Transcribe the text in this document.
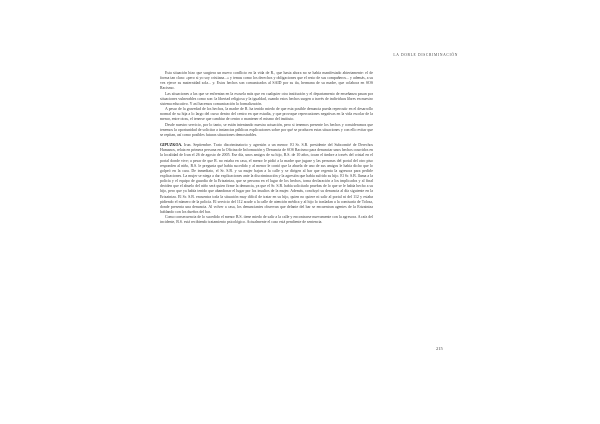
LA DOBLE DISCRIMINACIÓN

Esta situación hizo que surgiera un nuevo conflicto en la vida de R., que hasta ahora no se había manifestado abiertamente: el de forma tan clara: «pero si yo soy cristiana...» y temas como los derechos y obligaciones que el resto de sus compañeros... y además, a su vez ejerce su maternidad sola... y. Estos hechos son comunicados al SAID por su tía, hermana de su madre, que colabora en SOS Racismo.

Las situaciones a las que se enfrentan en la escuela más que en cualquier otra institución y el departamento de enseñanza pasan por situaciones vulnerables como son: la libertad religiosa y la igualdad, cuando estos hechos surgen a través de individuos libres en nuestro sistema educativo. Y así hacemos comunicación la formalización.

A pesar de la gravedad de los hechos, la madre de R. ha tenido miedo de que esta posible denuncia pueda repercutir en el desarrollo normal de su hija a lo largo del curso dentro del centro en que estudia, y que provoque repercusiones negativas en la vida escolar de la menor, entre otras, el tenerse que cambiar de centro o mantener el mismo del instituto.

Desde nuestro servicio, por lo tanto, se están intentando nuestra actuación, pero si tenemos presente los hechos y consideramos que tenemos la oportunidad de solicitar a instancias públicas explicaciones sobre por qué se producen estas situaciones y con ello evitar que se repitan, así como posibles futuras situaciones demostrables.

GIPUZKOA. Irun. Septiembre. Trato discriminatorio y agresión a un menor: El Sr. S.B. presidente del Subcomité de Derechos Humanos, relata en primera persona en la Oficina de Información y Denuncia de SOS Racismo para denunciar unos hechos ocurridos en la localidad de Irun el 26 de agosto de 2005. Ese día, unos amigos de su hijo, B.S. de 10 años, tocan el timbre a través del cristal en el portal donde vive; a pesar de que R. no estaba en casa, el menor le pidió a la madre que jugase y las personas del portal del otro piso responden al niño, B.S. le pregunta qué había sucedido y al menor le contó que la abuela de uno de sus amigos le había dicho que lo golpeó en la cara. De inmediato, el Sr. S.B. y su mujer bajan a la calle y se dirigen al bar que regenta la agresora para pedirle explicaciones. La mujer se niega a dar explicaciones ante la discriminación y la agresión que había sufrido su hijo. El Sr. S.B. llama a la policía y el equipo de guardia de la Ertzaintza, que se persona en el lugar de los hechos, toma declaración a los implicados y al final deciden que el abuelo del niño será quien firme la denuncia, ya que el Sr. S.B. había solicitado pruebas de lo que se le había hecho a su hijo, pero que ya había tenido que abandonar el lugar por los insultos de la mujer. Además, concluyó su denuncia al día siguiente en la Ertzaintza. El Sr. S.B. encuentra toda la situación muy difícil de tratar en su hijo, quien no quiere ni salir al portal ni del 112 y estaba pidiendo el número de la policía. El servicio del 112 acude a la calle de atención médica y al hijo lo trasladan a la comisaría de Tolosa, donde presenta una denuncia. Al volver a casa, los denunciantes observan que delante del bar se encuentran agentes de la Ertzaintza hablando con los dueños del bar.

Como consecuencia de lo sucedido el menor B.S. tiene miedo de salir a la calle y encontrarse nuevamente con la agresora. A raíz del incidente, B.S. está recibiendo tratamiento psicológico. Actualmente el caso está pendiente de sentencia.

215
